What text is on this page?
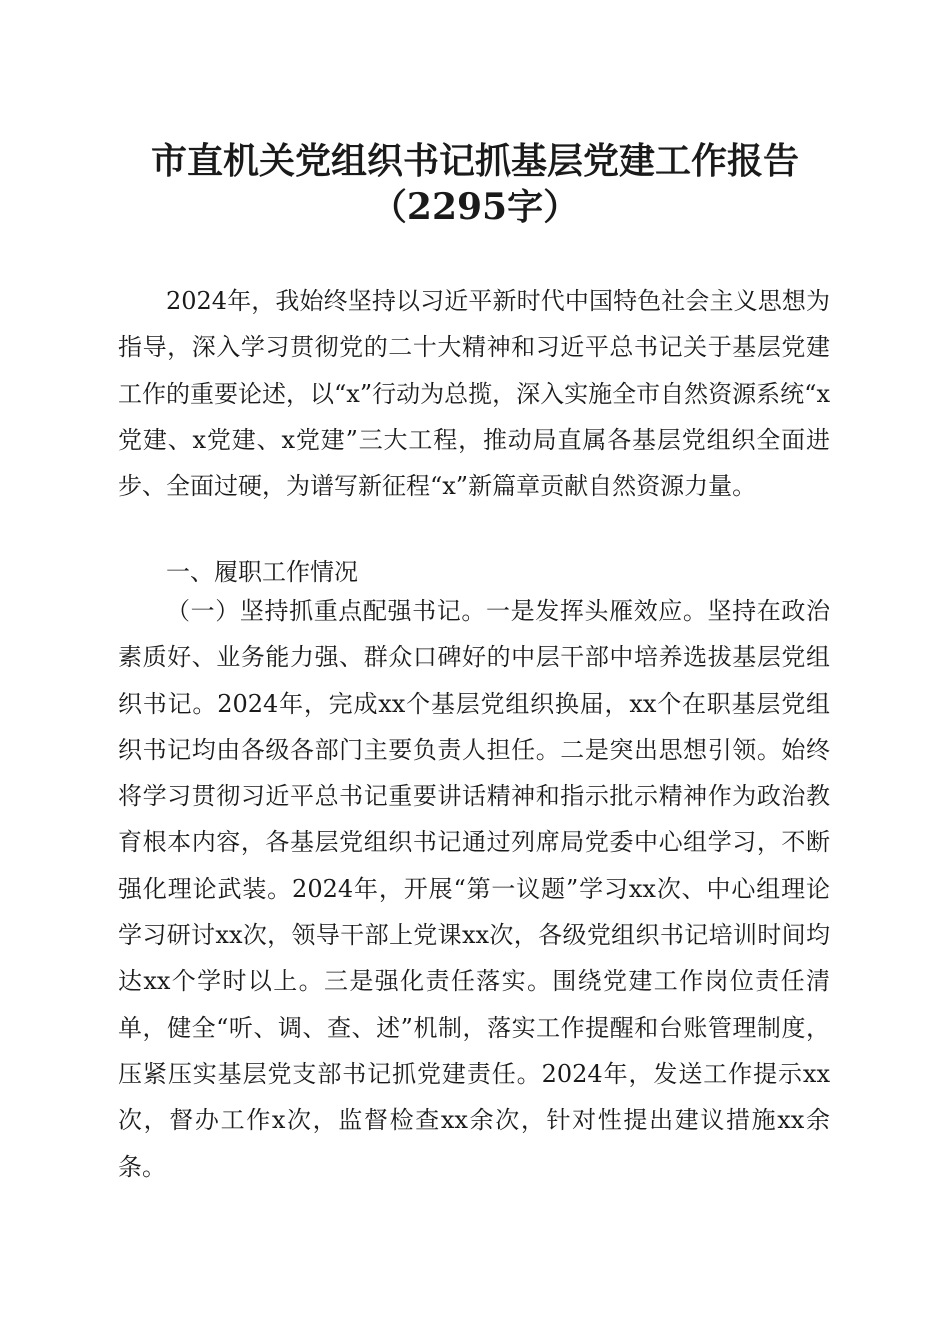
市直机关党组织书记抓基层党建工作报告
（2295字）

2024年，我始终坚持以习近平新时代中国特色社会主义思想为指导，深入学习贯彻党的二十大精神和习近平总书记关于基层党建工作的重要论述，以“x”行动为总揽，深入实施全市自然资源系统“x党建、x党建、x党建”三大工程，推动局直属各基层党组织全面进步、全面过硬，为谱写新征程“x”新篇章贡献自然资源力量。

一、履职工作情况

（一）坚持抓重点配强书记。一是发挥头雁效应。坚持在政治素质好、业务能力强、群众口碑好的中层干部中培养选拔基层党组织书记。2024年，完成xx个基层党组织换届，xx个在职基层党组织书记均由各级各部门主要负责人担任。二是突出思想引领。始终将学习贯彻习近平总书记重要讲话精神和指示批示精神作为政治教育根本内容，各基层党组织书记通过列席局党委中心组学习，不断强化理论武装。2024年，开展“第一议题”学习xx次、中心组理论学习研讨xx次，领导干部上党课xx次，各级党组织书记培训时间均达xx个学时以上。三是强化责任落实。围绕党建工作岗位责任清单，健全“听、调、查、述”机制，落实工作提醒和台账管理制度，压紧压实基层党支部书记抓党建责任。2024年，发送工作提示xx次，督办工作x次，监督检查xx余次，针对性提出建议措施xx余条。
